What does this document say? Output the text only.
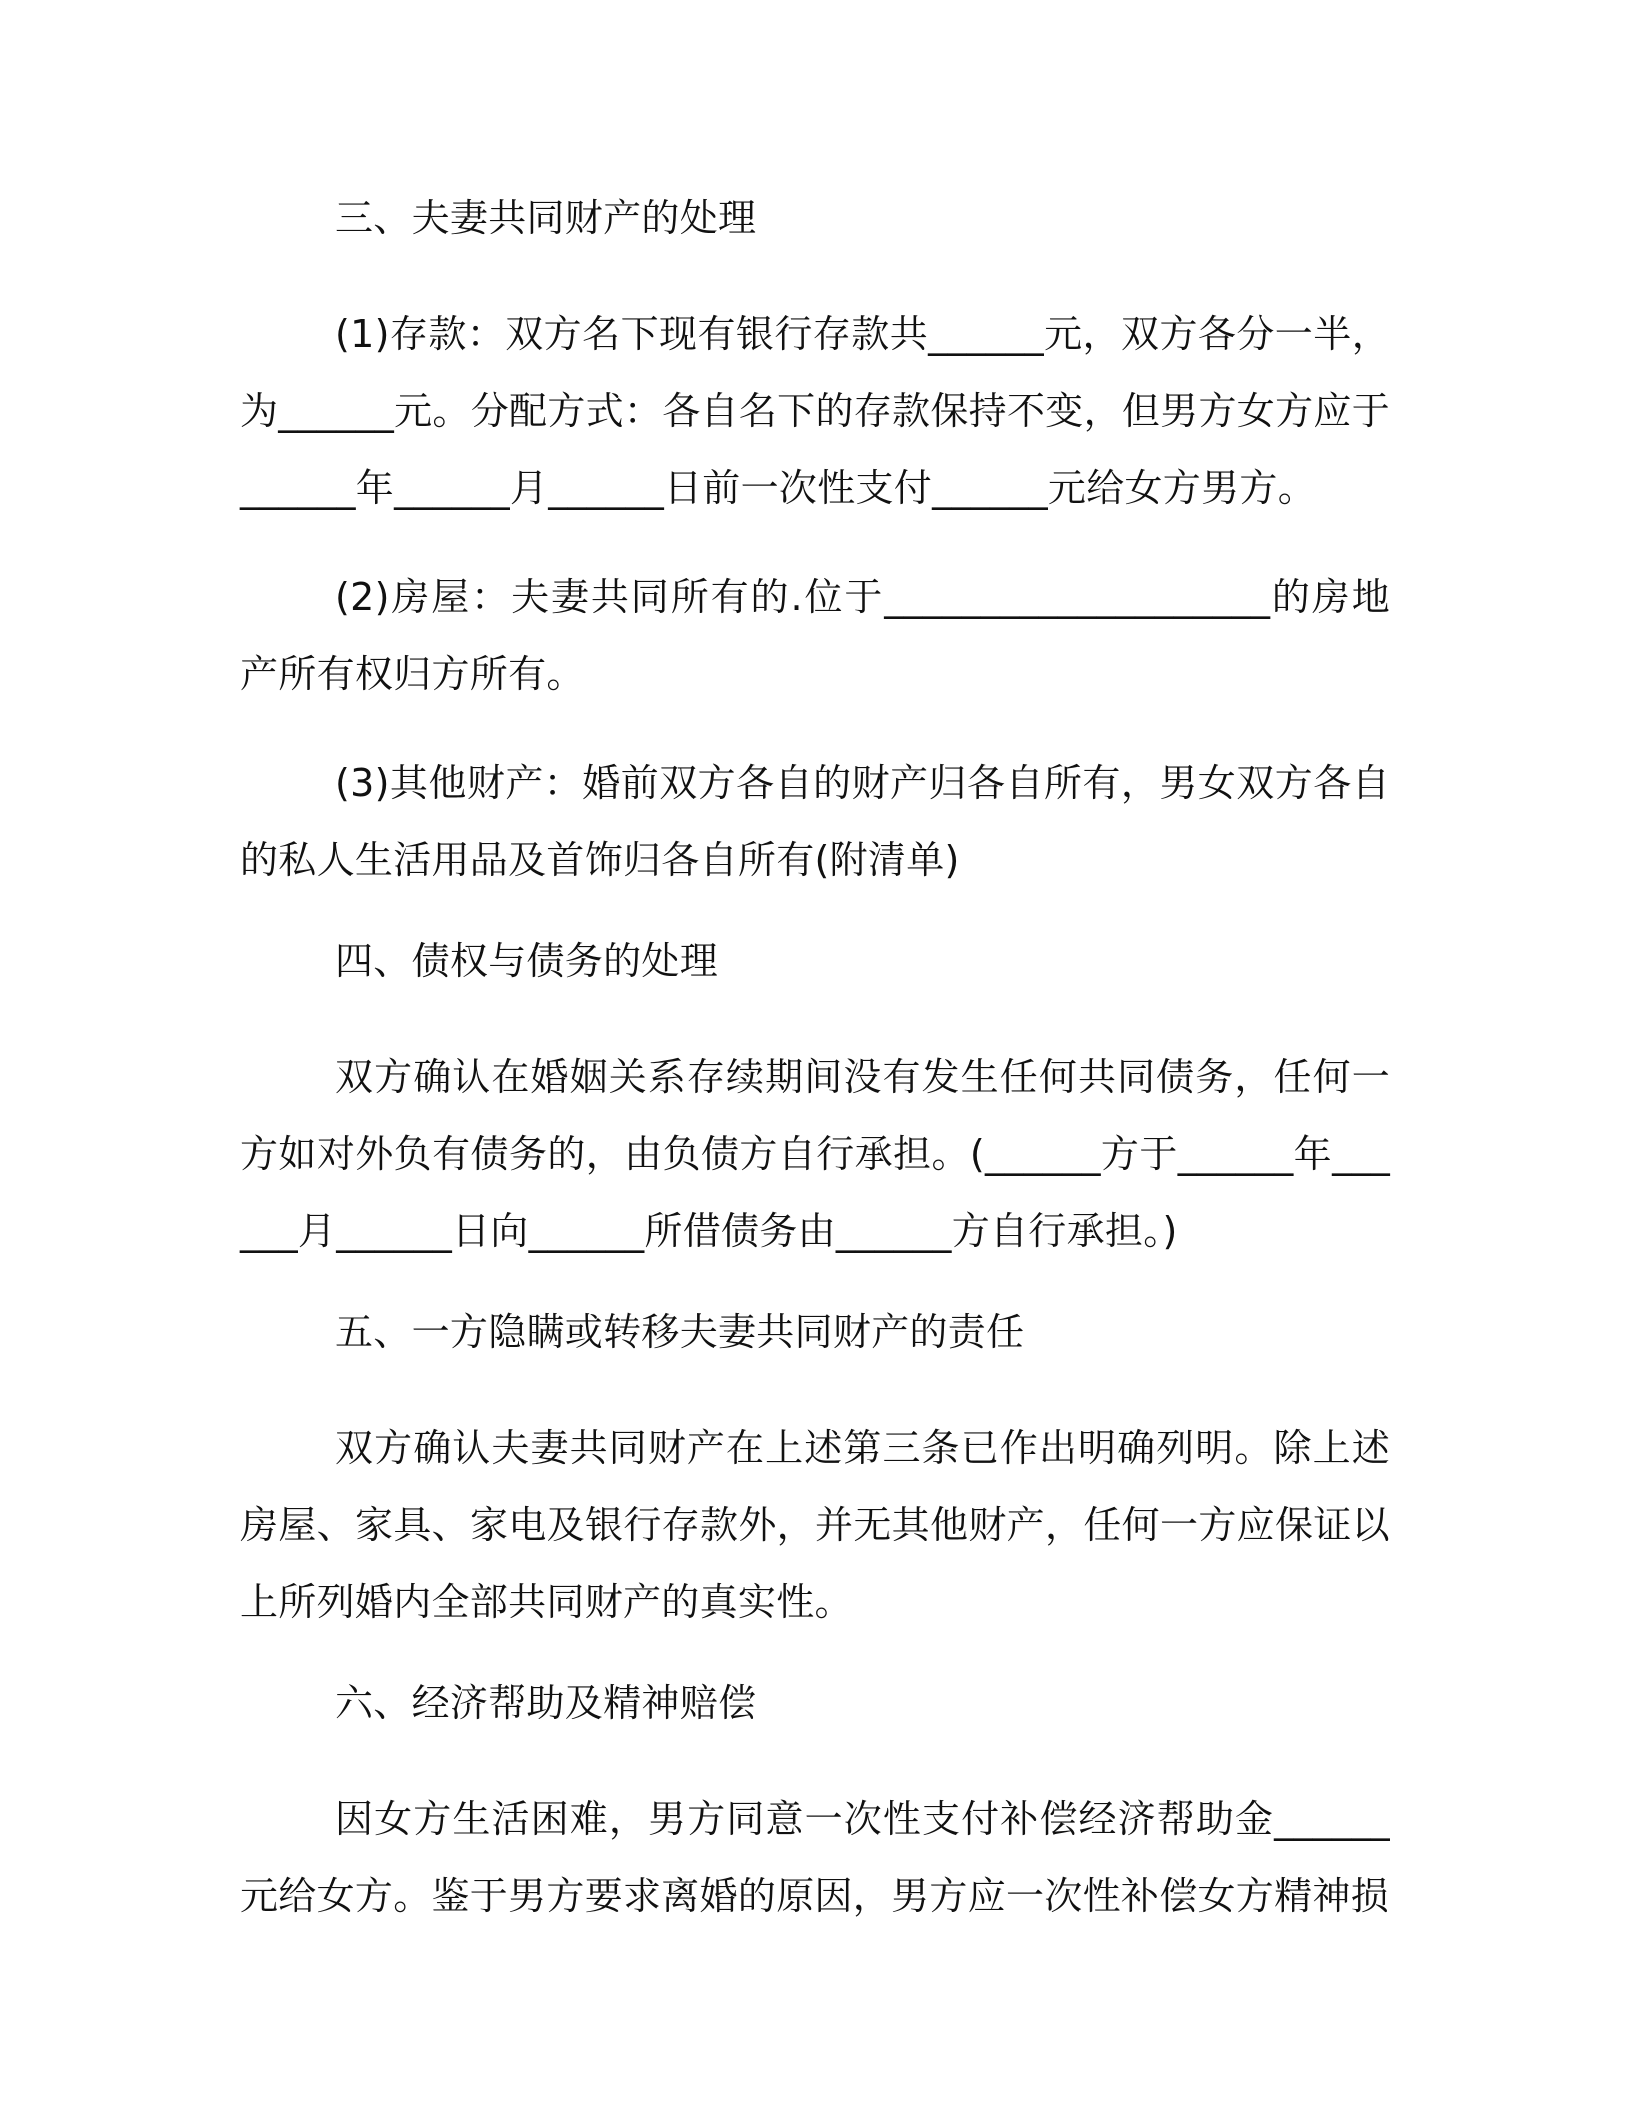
三、夫妻共同财产的处理

(1)存款：双方名下现有银行存款共______元，双方各分一半，为______元。分配方式：各自名下的存款保持不变，但男方女方应于______年______月______日前一次性支付______元给女方男方。

(2)房屋：夫妻共同所有的.位于____________________的房地产所有权归方所有。

(3)其他财产：婚前双方各自的财产归各自所有，男女双方各自的私人生活用品及首饰归各自所有(附清单)

四、债权与债务的处理

双方确认在婚姻关系存续期间没有发生任何共同债务，任何一方如对外负有债务的，由负债方自行承担。(______方于______年______月______日向______所借债务由______方自行承担。)

五、一方隐瞒或转移夫妻共同财产的责任

双方确认夫妻共同财产在上述第三条已作出明确列明。除上述房屋、家具、家电及银行存款外，并无其他财产，任何一方应保证以上所列婚内全部共同财产的真实性。

六、经济帮助及精神赔偿

因女方生活困难，男方同意一次性支付补偿经济帮助金______元给女方。鉴于男方要求离婚的原因，男方应一次性补偿女方精神损
